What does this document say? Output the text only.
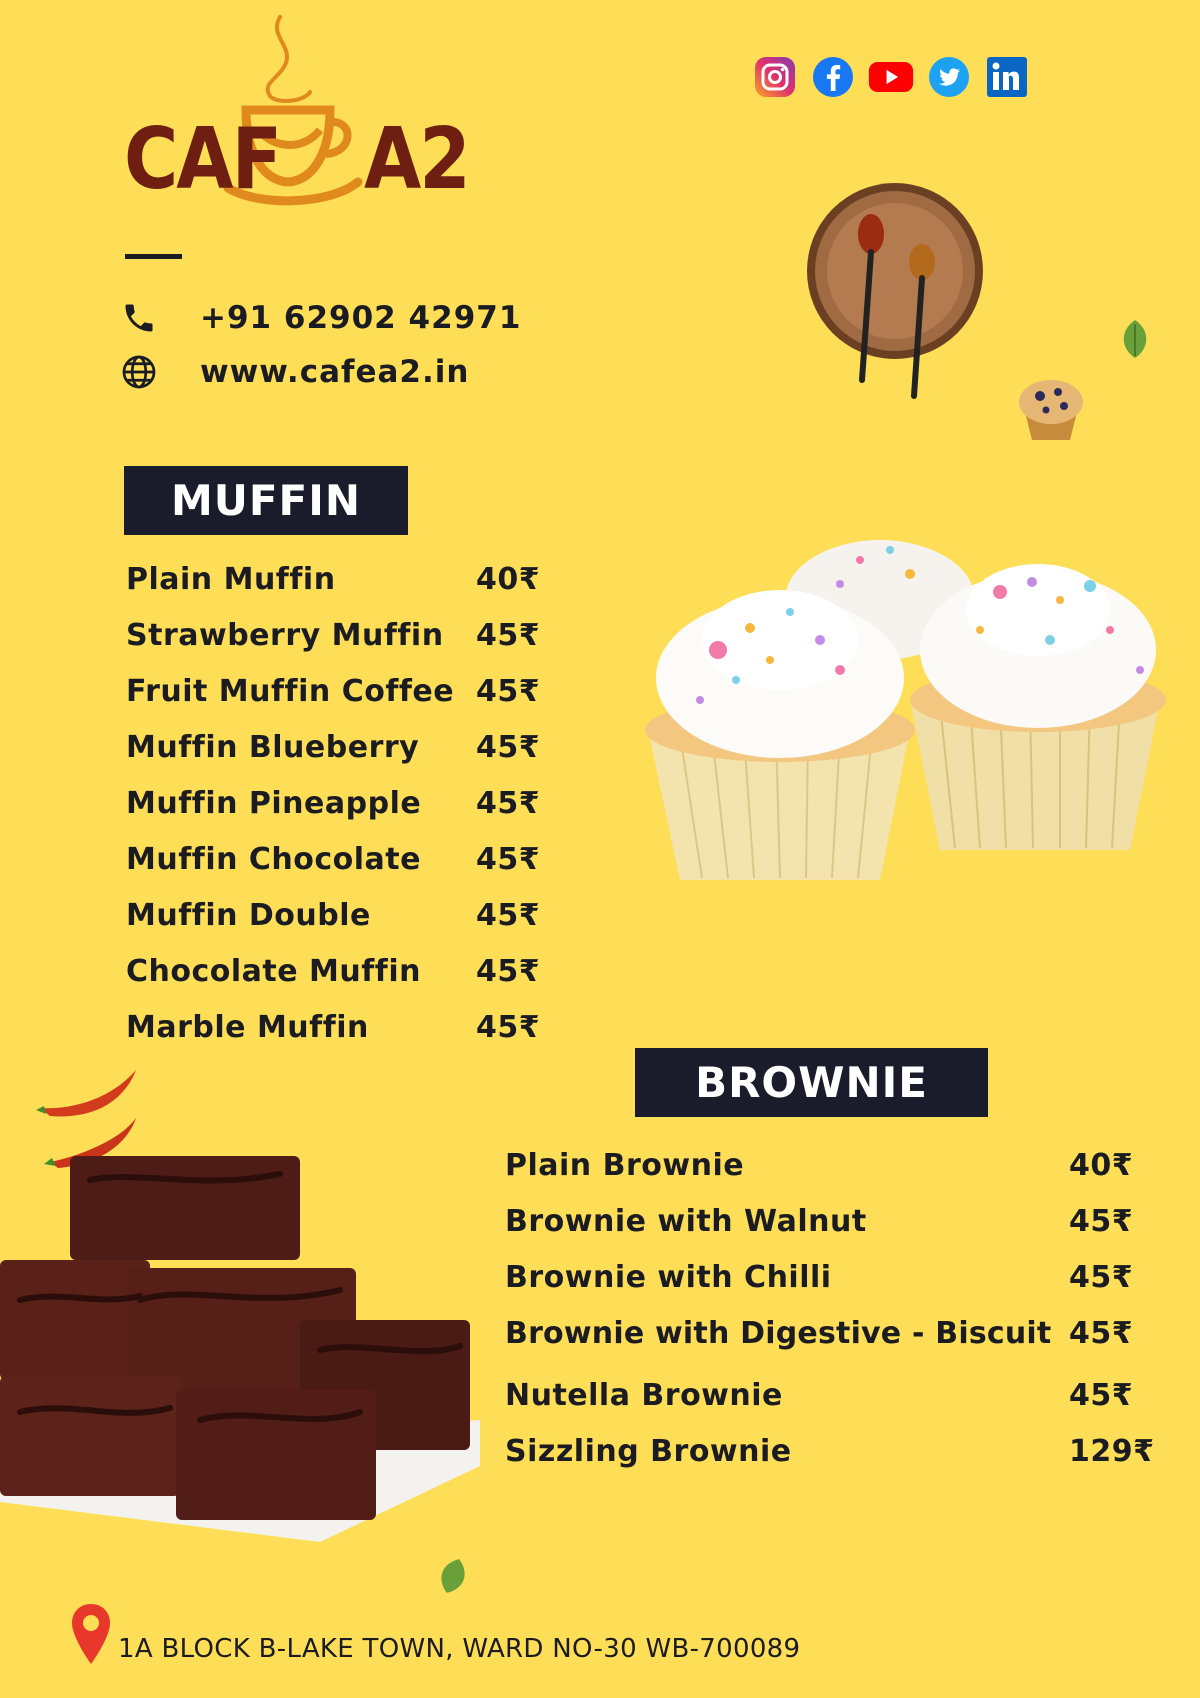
CAF A2
+91 62902 42971
www.cafea2.in
MUFFIN
Plain Muffin	40₹
Strawberry Muffin 45₹
Fruit Muffin Coffee 45₹
Muffin Blueberry 45₹
Muffin Pineapple 45₹
Muffin Chocolate 45₹
Muffin Double	45₹
Chocolate Muffin 45₹
Marble Muffin	45₹
BROWNIE
Plain Brownie	40₹
Brownie with Walnut	45₹
Brownie with Chilli	45₹
Brownie with Digestive - Biscuit 45₹
Nutella Brownie	45₹
Sizzling Brownie	129₹
1A BLOCK B-LAKE TOWN, WARD NO-30 WB-700089
